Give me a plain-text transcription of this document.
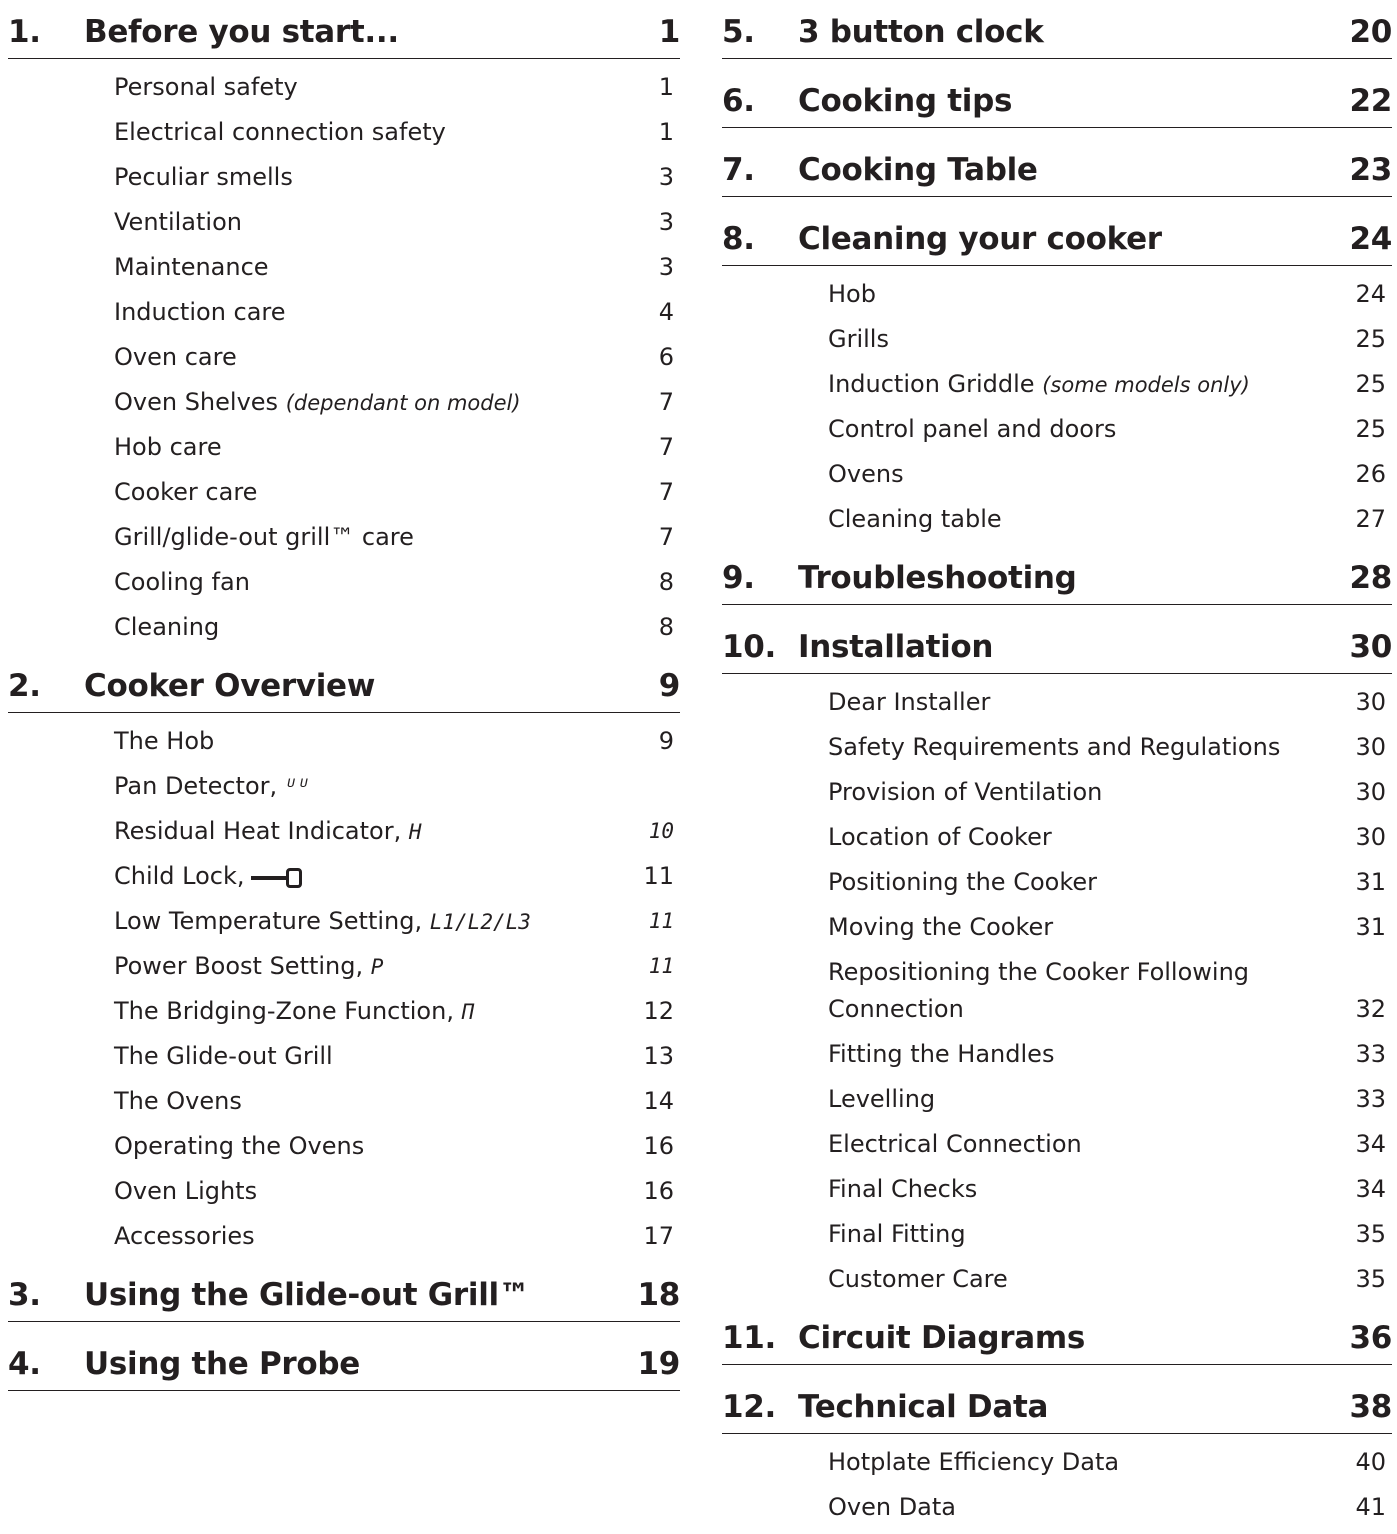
1. Before you start...	1
Personal safety	1
Electrical connection safety	1
Peculiar smells	3
Ventilation	3
Maintenance	3
Induction care	4
Oven care	6
Oven Shelves (dependant on model)	7
Hob care	7
Cooker care	7
Grill/glide-out grill™ care	7
Cooling fan	8
Cleaning	8
2. Cooker Overview	9
The Hob	9
Pan Detector, ᵁᵁ
Residual Heat Indicator, H	10
Child Lock,	11
Low Temperature Setting, L1/L2/L3	11
Power Boost Setting, P	11
The Bridging-Zone Function, Π	12
The Glide-out Grill	13
The Ovens	14
Operating the Ovens	16
Oven Lights	16
Accessories	17
3. Using the Glide-out Grill™	18
4. Using the Probe	19
5. 3 button clock	20
6. Cooking tips	22
7. Cooking Table	23
8. Cleaning your cooker	24
Hob	24
Grills	25
Induction Griddle (some models only)	25
Control panel and doors	25
Ovens	26
Cleaning table	27
9. Troubleshooting	28
10. Installation	30
Dear Installer	30
Safety Requirements and Regulations	30
Provision of Ventilation	30
Location of Cooker	30
Positioning the Cooker	31
Moving the Cooker	31
Repositioning the Cooker Following Connection	32
Fitting the Handles	33
Levelling	33
Electrical Connection	34
Final Checks	34
Final Fitting	35
Customer Care	35
11. Circuit Diagrams	36
12. Technical Data	38
Hotplate Efficiency Data	40
Oven Data	41
